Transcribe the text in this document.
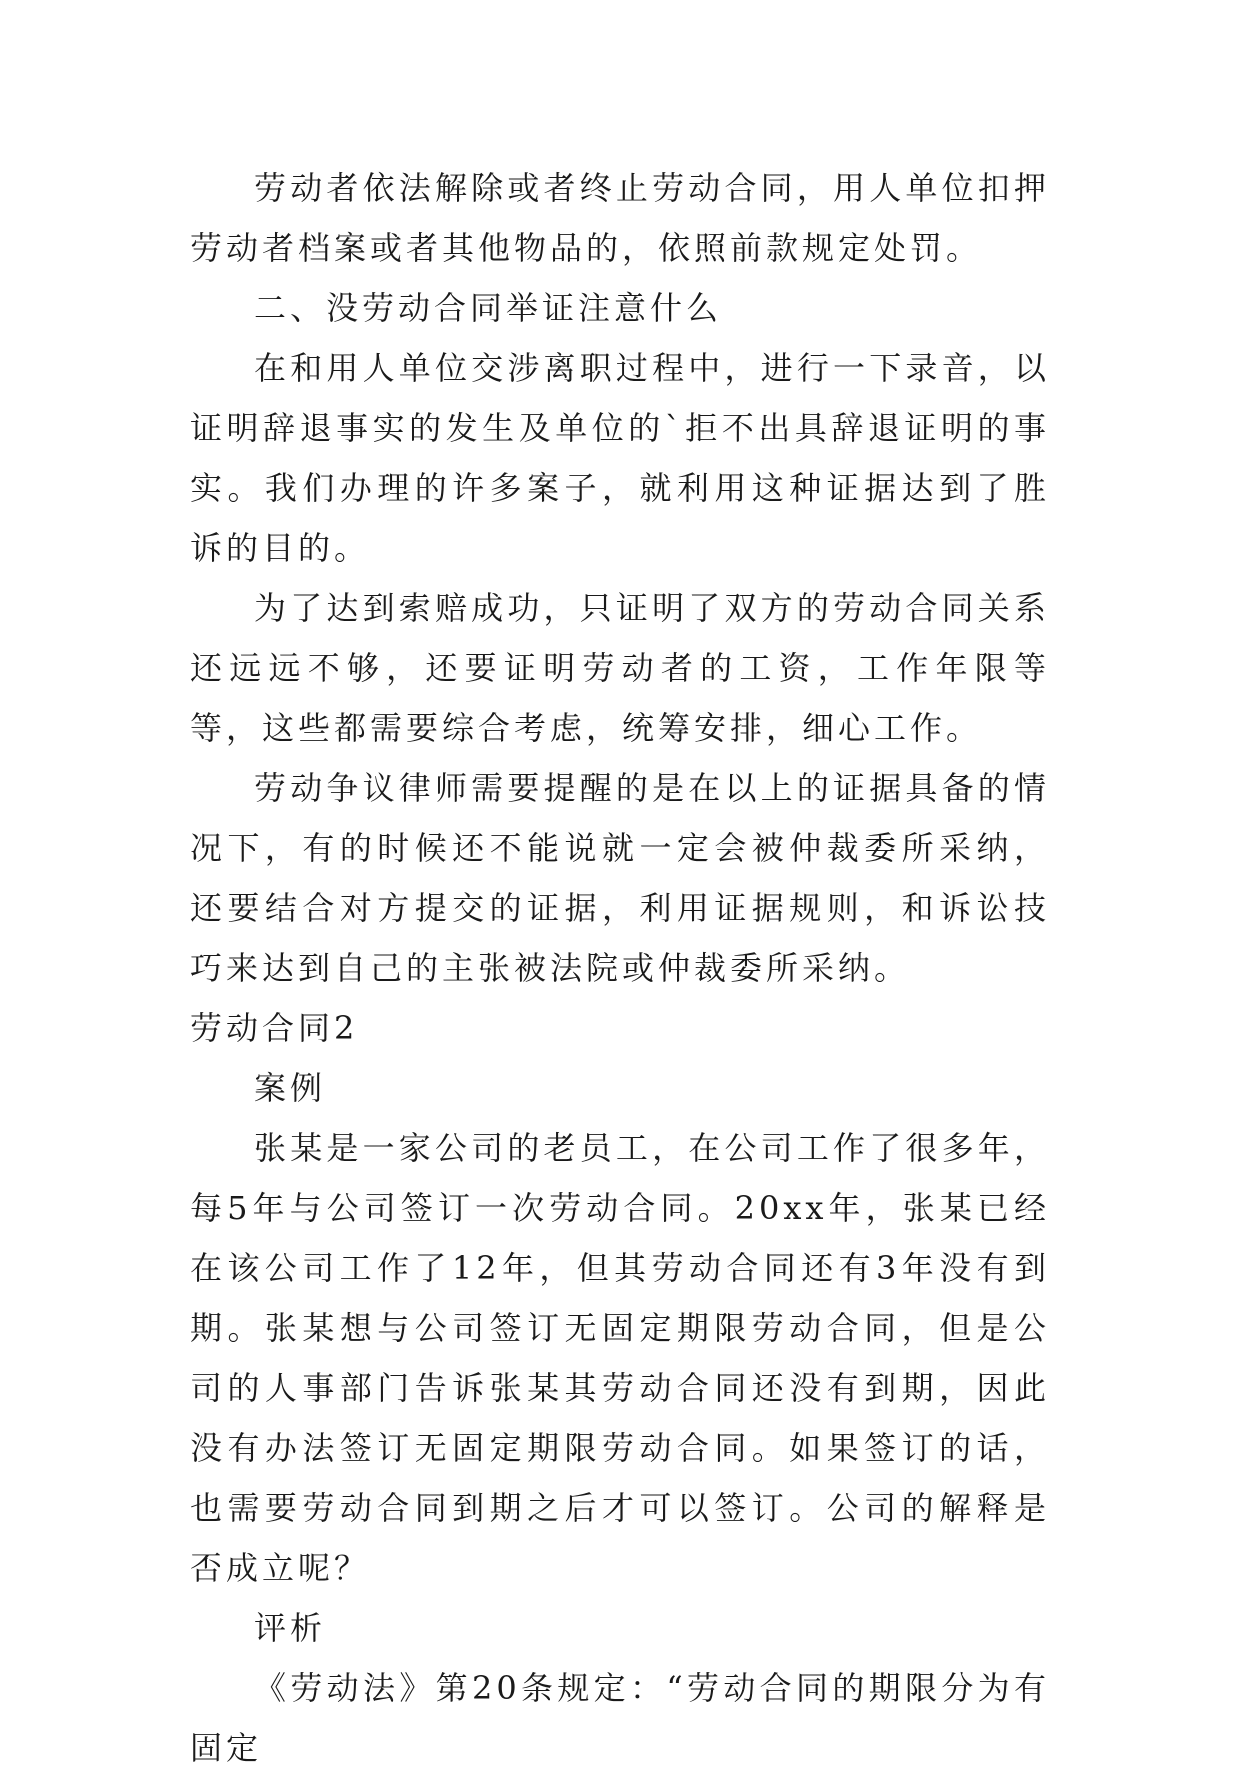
劳动者依法解除或者终止劳动合同，用人单位扣押劳动者档案或者其他物品的，依照前款规定处罚。

二、没劳动合同举证注意什么

在和用人单位交涉离职过程中，进行一下录音，以证明辞退事实的发生及单位的`拒不出具辞退证明的事实。我们办理的许多案子，就利用这种证据达到了胜诉的目的。

为了达到索赔成功，只证明了双方的劳动合同关系还远远不够，还要证明劳动者的工资，工作年限等等，这些都需要综合考虑，统筹安排，细心工作。

劳动争议律师需要提醒的是在以上的证据具备的情况下，有的时候还不能说就一定会被仲裁委所采纳，还要结合对方提交的证据，利用证据规则，和诉讼技巧来达到自己的主张被法院或仲裁委所采纳。

劳动合同2

案例

张某是一家公司的老员工，在公司工作了很多年，每5年与公司签订一次劳动合同。20xx年，张某已经在该公司工作了12年，但其劳动合同还有3年没有到期。张某想与公司签订无固定期限劳动合同，但是公司的人事部门告诉张某其劳动合同还没有到期，因此没有办法签订无固定期限劳动合同。如果签订的话，也需要劳动合同到期之后才可以签订。公司的解释是否成立呢？

评析

《劳动法》第20条规定：“劳动合同的期限分为有固定
